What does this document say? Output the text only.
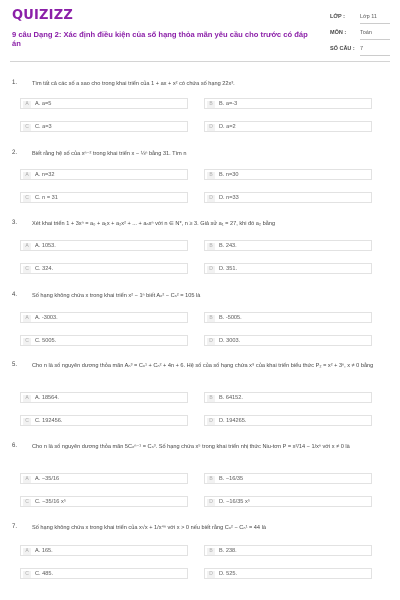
QUIZIZZ
9 câu Dạng 2: Xác định điều kiện của số hạng thỏa mãn yêu cầu cho trước có đáp án
LỚP :	Lớp 11
MÔN :	Toán
SỐ CÂU : 7
1.	Tìm tất cả các số a sao cho trong khai triển của 1 + ax + x² có chứa số hạng 22x³.
A	A. a=5	B	B. a=-3
C	C. a=3	D	D. a=2
2.	Biết rằng hệ số của xⁿ⁻² trong khai triển x − ¼ⁿ bằng 31. Tìm n
A	A. n=32	B	B. n=30
C	C. n = 31	D	D. n=33
3.	Xét khai triển 1 + 3xⁿ = a₀ + a₁x + a₂x² + ... + aₙxⁿ với n ∈ N*, n ≥ 3. Giả sử a₁ = 27, khi đó a₂ bằng
A	A. 1053.	B	B. 243.
C	C. 324.	D	D. 351.
4.	Số hạng không chứa x trong khai triển x² − 1ⁿ biết Aₙ² − Cₙ² = 105 là
A	A. -3003.	B	B. -5005.
C	C. 5005.	D	D. 3003.
5.	Cho n là số nguyên dương thỏa mãn Aₙ³ = Cₙ¹ + Cₙ² + 4n + 6. Hệ số của số hạng chứa x⁹ của khai triển biểu thức P₂ = x² + 3ⁿ, x ≠ 0 bằng
A	A. 18564.	B	B. 64152.
C	C. 192456.	D	D. 194265.
6.	Cho n là số nguyên dương thỏa mãn 5Cₙⁿ⁻¹ = Cₙ³. Số hạng chứa x⁵ trong khai triển nhị thức Niu-tơn P = x²/14 − 1/xⁿ với x ≠ 0 là
A	A. −35/16	B	B. −16/35
C	C. −35/16 x⁵	D	D. −16/35 x⁵
7.	Số hạng không chứa x trong khai triển của x√x + 1/x⁴ⁿ với x > 0 nếu biết rằng Cₙ² − Cₙ¹ = 44 là
A	A. 165.	B	B. 238.
C	C. 485.	D	D. 525.
